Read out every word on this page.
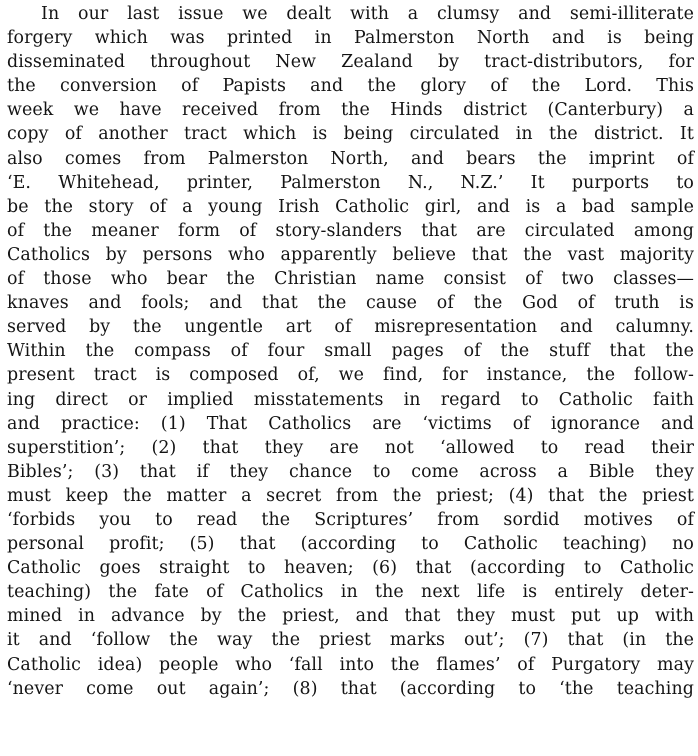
In our last issue we dealt with a clumsy and semi-illiterate
forgery which was printed in Palmerston North and is being
disseminated throughout New Zealand by tract-distributors, for
the conversion of Papists and the glory of the Lord. This
week we have received from the Hinds district (Canterbury) a
copy of another tract which is being circulated in the district. It
also comes from Palmerston North, and bears the imprint of
‘E. Whitehead, printer, Palmerston N., N.Z.’ It purports to
be the story of a young Irish Catholic girl, and is a bad sample
of the meaner form of story-slanders that are circulated among
Catholics by persons who apparently believe that the vast majority
of those who bear the Christian name consist of two classes—
knaves and fools; and that the cause of the God of truth is
served by the ungentle art of misrepresentation and calumny.
Within the compass of four small pages of the stuff that the
present tract is composed of, we find, for instance, the follow-
ing direct or implied misstatements in regard to Catholic faith
and practice: (1) That Catholics are ‘victims of ignorance and
superstition’; (2) that they are not ‘allowed to read their
Bibles’; (3) that if they chance to come across a Bible they
must keep the matter a secret from the priest; (4) that the priest
‘forbids you to read the Scriptures’ from sordid motives of
personal profit; (5) that (according to Catholic teaching) no
Catholic goes straight to heaven; (6) that (according to Catholic
teaching) the fate of Catholics in the next life is entirely deter-
mined in advance by the priest, and that they must put up with
it and ‘follow the way the priest marks out’; (7) that (in the
Catholic idea) people who ‘fall into the flames’ of Purgatory may
‘never come out again’; (8) that (according to ‘the teaching
